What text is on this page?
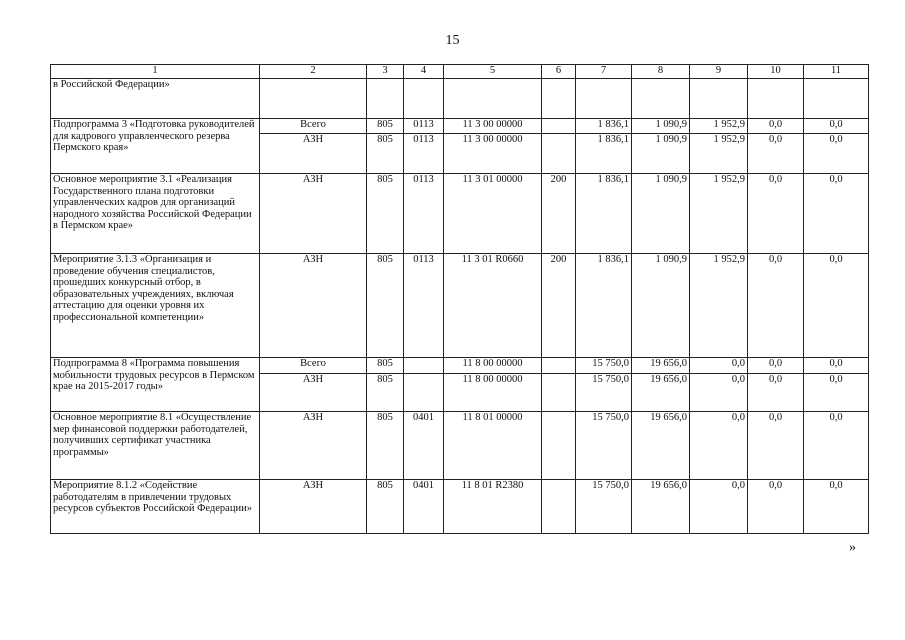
15
1	2	3	4	5	6	7	8	9	10	11
в Российской Федерации»										
Подпрограмма 3 «Подготовка руководителей для кадрового управленческого резерва Пермского края»	Всего	805	0113	11 3 00 00000		1 836,1	1 090,9	1 952,9	0,0	0,0
	АЗН	805	0113	11 3 00 00000		1 836,1	1 090,9	1 952,9	0,0	0,0
Основное мероприятие 3.1 «Реализация Государственного плана подготовки управленческих кадров для организаций народного хозяйства Российской Федерации в Пермском крае»	АЗН	805	0113	11 3 01 00000	200	1 836,1	1 090,9	1 952,9	0,0	0,0
Мероприятие 3.1.3 «Организация и проведение обучения специалистов, прошедших конкурсный отбор, в образовательных учреждениях, включая аттестацию для оценки уровня их профессиональной компетенции»	АЗН	805	0113	11 3 01 R0660	200	1 836,1	1 090,9	1 952,9	0,0	0,0
Подпрограмма 8 «Программа повышения мобильности трудовых ресурсов в Пермском крае на 2015-2017 годы»	Всего	805		11 8 00 00000		15 750,0	19 656,0	0,0	0,0	0,0
	АЗН	805		11 8 00 00000		15 750,0	19 656,0	0,0	0,0	0,0
Основное мероприятие 8.1 «Осуществление мер финансовой поддержки работодателей, получивших сертификат участника программы»	АЗН	805	0401	11 8 01 00000		15 750,0	19 656,0	0,0	0,0	0,0
Мероприятие 8.1.2 «Содействие работодателям в привлечении трудовых ресурсов субъектов Российской Федерации»	АЗН	805	0401	11 8 01 R2380		15 750,0	19 656,0	0,0	0,0	0,0
»
